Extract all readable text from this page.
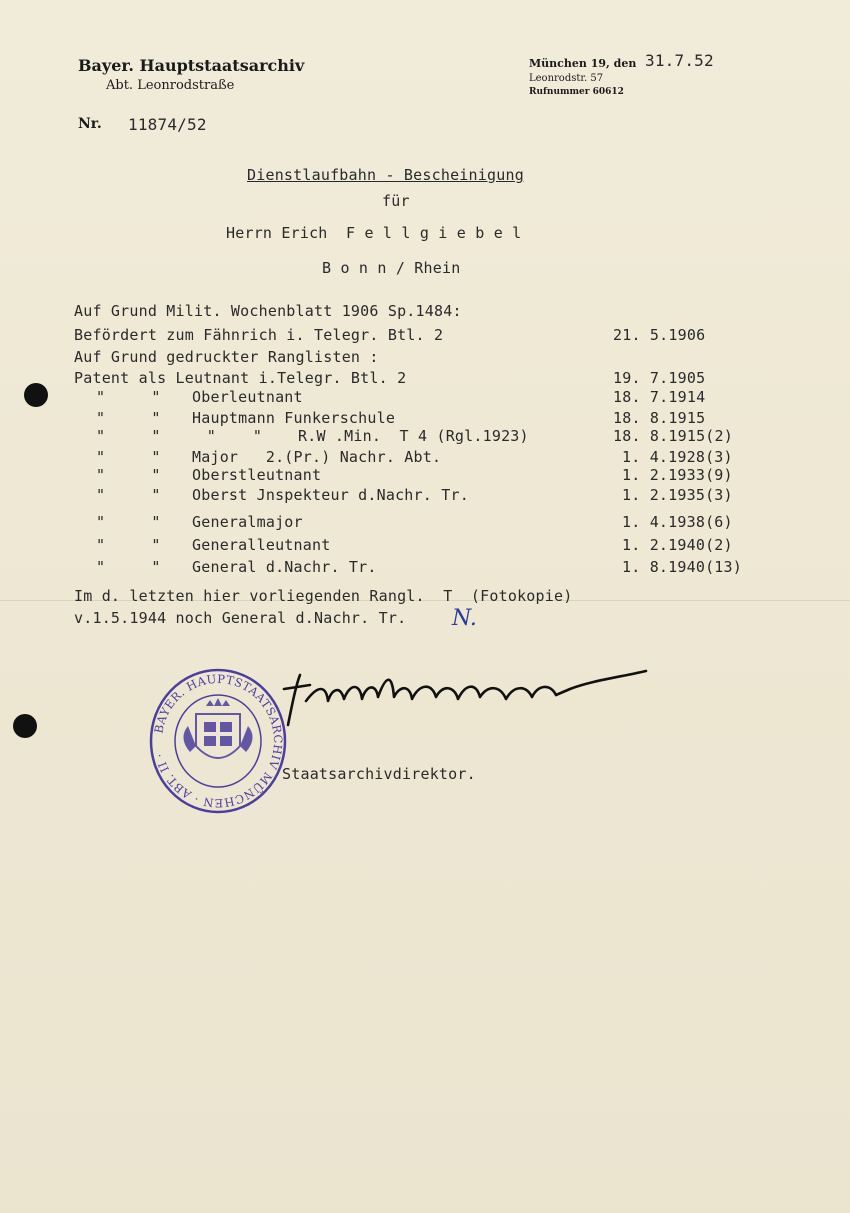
Bayer. Hauptstaatsarchiv
Abt. Leonrodstraße
München 19, den 31.7.52
Leonrodstr. 57
Rufnummer 60612
Nr. 11874/52
Dienstlaufbahn - Bescheinigung
für
Herrn Erich  F e l l g i e b e l
B o n n / Rhein
Auf Grund Milit. Wochenblatt 1906 Sp.1484:
Befördert zum Fähnrich i. Telegr. Btl. 2	21. 5.1906
Auf Grund gedruckter Ranglisten :
Patent als Leutnant i.Telegr. Btl. 2	19. 7.1905
"     " Oberleutnant	18. 7.1914
"     " Hauptmann Funkerschule	18. 8.1915
"     "     "    " R.W .Min.  T 4 (Rgl.1923)	18. 8.1915(2)
"     " Major   2.(Pr.) Nachr. Abt.	1. 4.1928(3)
"     " Oberstleutnant	1. 2.1933(9)
"     " Oberst Jnspekteur d.Nachr. Tr.	1. 2.1935(3)
"     " Generalmajor	1. 4.1938(6)
"     " Generalleutnant	1. 2.1940(2)
"     " General d.Nachr. Tr.	1. 8.1940(13)
Im d. letzten hier vorliegenden Rangl.  T  (Fotokopie)
v.1.5.1944 noch General d.Nachr. Tr. N.
BAYER. HAUPTSTAATSARCHIV MÜNCHEN · ABT. II ·
Staatsarchivdirektor.
